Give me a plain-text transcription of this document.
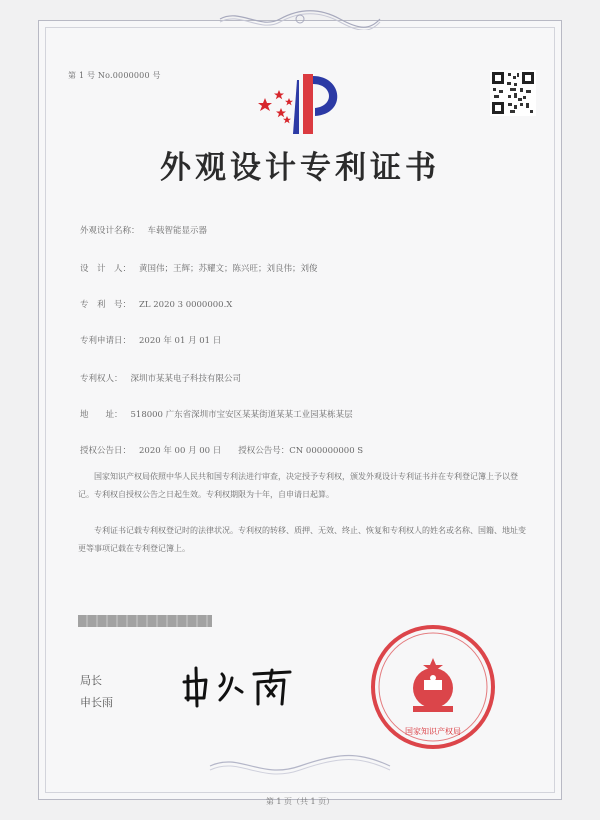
第 1 号 No.0000000 号
外观设计专利证书
外观设计名称： 车载智能显示器
设　计　人： 黄国伟；王辉；苏耀文；陈兴旺；刘良伟；刘俊
专　利　号： ZL 2020 3 0000000.X
专利申请日： 2020 年 01 月 01 日
专利权人： 深圳市某某电子科技有限公司
地　　址： 518000 广东省深圳市宝安区某某街道某某工业园某栋某层
授权公告日： 2020 年 00 月 00 日　　授权公告号：CN 000000000 S
国家知识产权局依照中华人民共和国专利法进行审查，决定授予专利权，颁发外观设计专利证书并在专利登记簿上予以登记。专利权自授权公告之日起生效。专利权期限为十年，自申请日起算。
专利证书记载专利权登记时的法律状况。专利权的转移、质押、无效、终止、恢复和专利权人的姓名或名称、国籍、地址变更等事项记载在专利登记簿上。
局长
申长雨
国家知识产权局
第 1 页（共 1 页）
